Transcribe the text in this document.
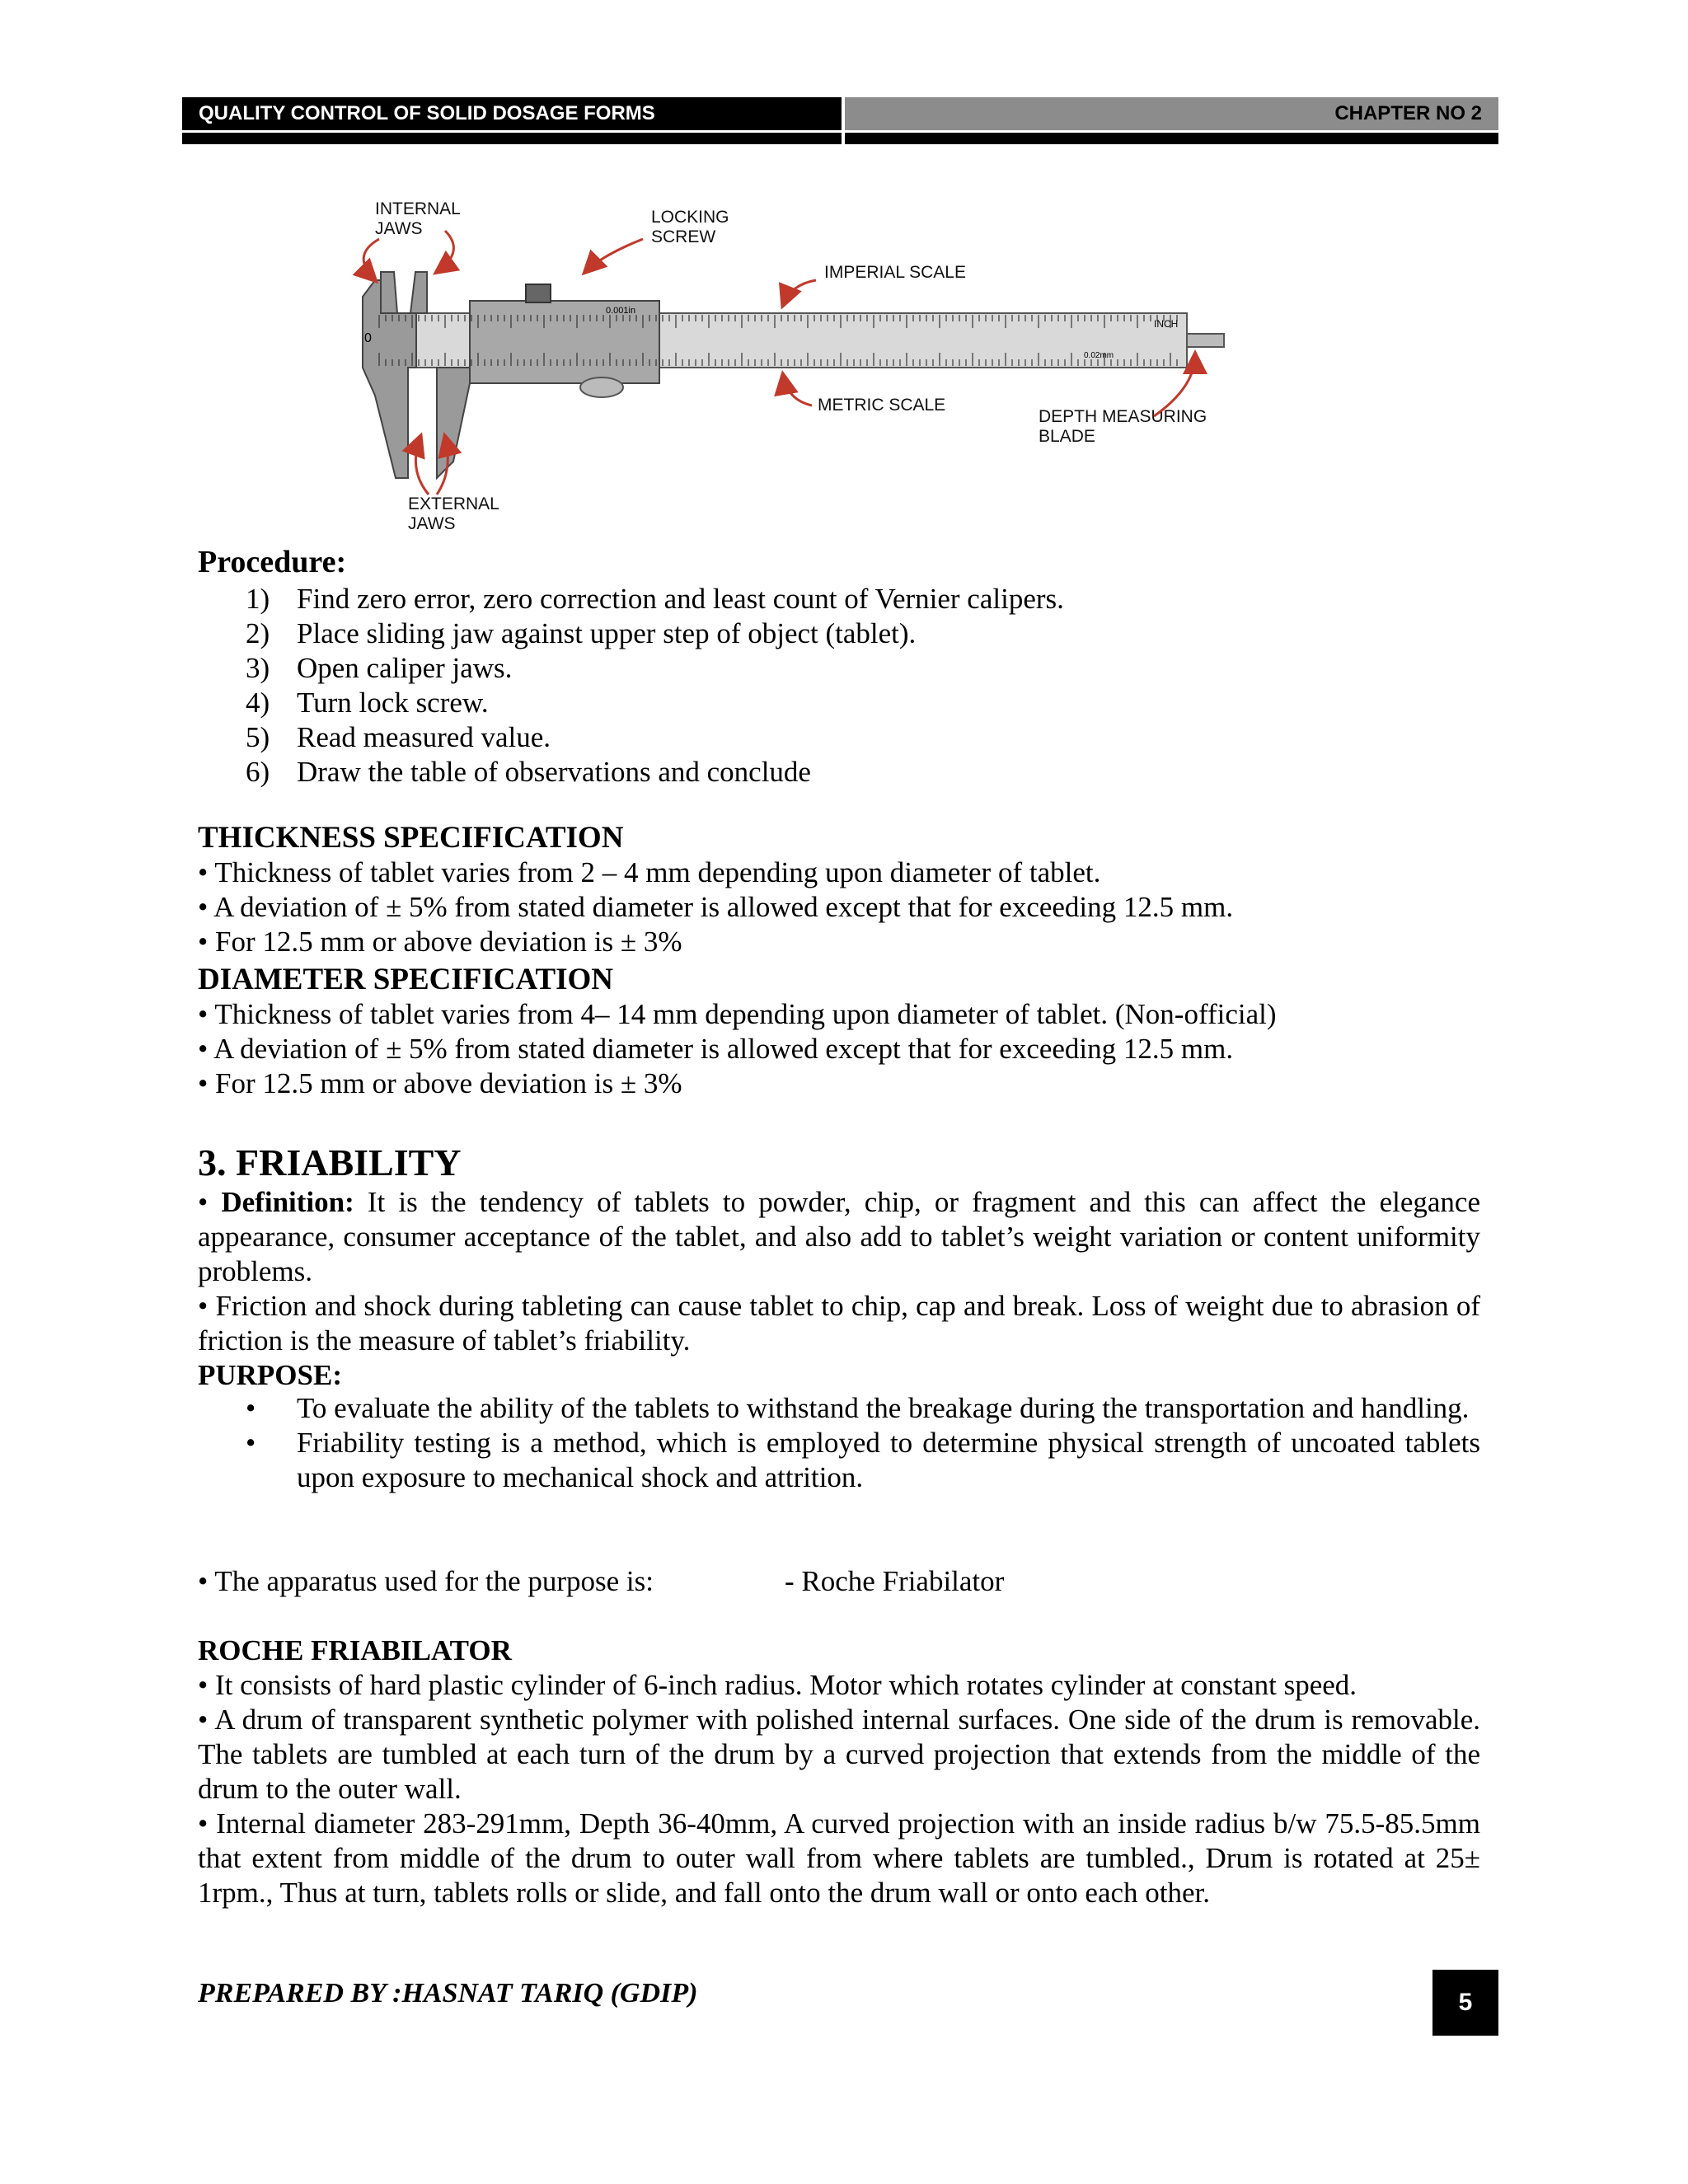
QUALITY CONTROL OF SOLID DOSAGE FORMS	CHAPTER NO 2
0
INCH
0.001in
0.02mm
INTERNAL
JAWS
LOCKING
SCREW
IMPERIAL SCALE
METRIC SCALE
DEPTH MEASURING
BLADE
EXTERNAL
JAWS
Procedure:
1) Find zero error, zero correction and least count of Vernier calipers.
2) Place sliding jaw against upper step of object (tablet).
3) Open caliper jaws.
4) Turn lock screw.
5) Read measured value.
6) Draw the table of observations and conclude
THICKNESS SPECIFICATION

• Thickness of tablet varies from 2 – 4 mm depending upon diameter of tablet.

• A deviation of ± 5% from stated diameter is allowed except that for exceeding 12.5 mm.

• For 12.5 mm or above deviation is ± 3%

DIAMETER SPECIFICATION

• Thickness of tablet varies from 4– 14 mm depending upon diameter of tablet. (Non-official)

• A deviation of ± 5% from stated diameter is allowed except that for exceeding 12.5 mm.

• For 12.5 mm or above deviation is ± 3%

3. FRIABILITY

• Definition: It is the tendency of tablets to powder, chip, or fragment and this can affect the elegance appearance, consumer acceptance of the tablet, and also add to tablet’s weight variation or content uniformity problems.

• Friction and shock during tableting can cause tablet to chip, cap and break. Loss of weight due to abrasion of friction is the measure of tablet’s friability.

PURPOSE:
• To evaluate the ability of the tablets to withstand the breakage during the transportation and handling.
• Friability testing is a method, which is employed to determine physical strength of uncoated tablets upon exposure to mechanical shock and attrition.
• The apparatus used for the purpose is:	- Roche Friabilator
ROCHE FRIABILATOR

• It consists of hard plastic cylinder of 6-inch radius. Motor which rotates cylinder at constant speed.

• A drum of transparent synthetic polymer with polished internal surfaces. One side of the drum is removable. The tablets are tumbled at each turn of the drum by a curved projection that extends from the middle of the drum to the outer wall.

• Internal diameter 283-291mm, Depth 36-40mm, A curved projection with an inside radius b/w 75.5-85.5mm that extent from middle of the drum to outer wall from where tablets are tumbled., Drum is rotated at 25± 1rpm., Thus at turn, tablets rolls or slide, and fall onto the drum wall or onto each other.

PREPARED BY :HASNAT TARIQ (GDIP)	5
